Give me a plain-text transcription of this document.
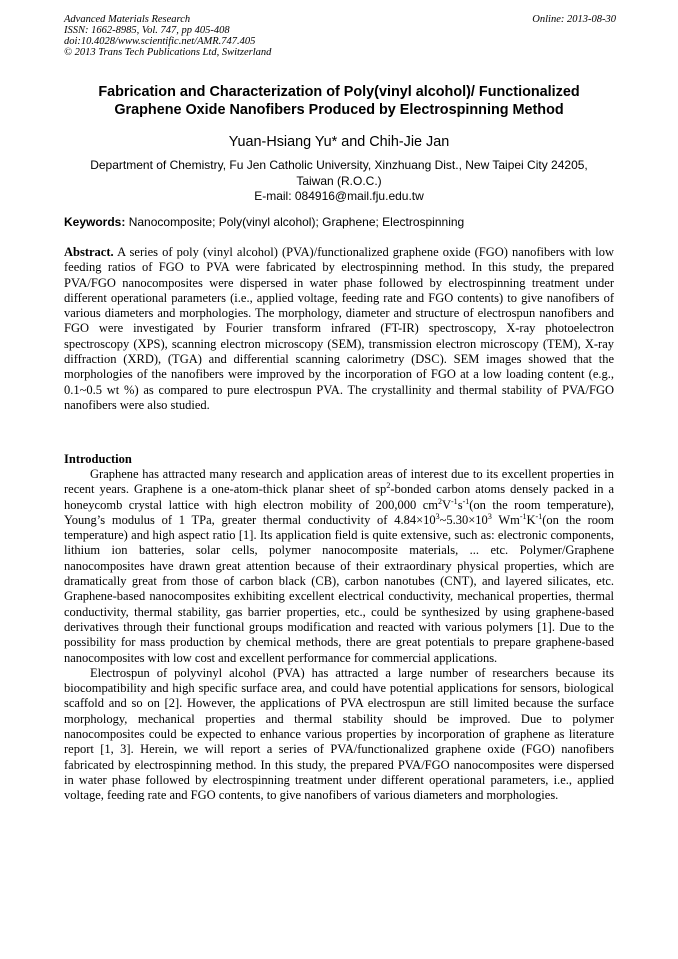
Advanced Materials Research
ISSN: 1662-8985, Vol. 747, pp 405-408
doi:10.4028/www.scientific.net/AMR.747.405
© 2013 Trans Tech Publications Ltd, Switzerland
Online: 2013-08-30
Fabrication and Characterization of Poly(vinyl alcohol)/ Functionalized
Graphene Oxide Nanofibers Produced by Electrospinning Method
Yuan-Hsiang Yu* and Chih-Jie Jan
Department of Chemistry, Fu Jen Catholic University, Xinzhuang Dist., New Taipei City 24205,
Taiwan (R.O.C.)
E-mail: 084916@mail.fju.edu.tw
Keywords: Nanocomposite; Poly(vinyl alcohol); Graphene; Electrospinning
Abstract. A series of poly (vinyl alcohol) (PVA)/functionalized graphene oxide (FGO) nanofibers with low feeding ratios of FGO to PVA were fabricated by electrospinning method. In this study, the prepared PVA/FGO nanocomposites were dispersed in water phase followed by electrospinning treatment under different operational parameters (i.e., applied voltage, feeding rate and FGO contents) to give nanofibers of various diameters and morphologies. The morphology, diameter and structure of electrospun nanofibers and FGO were investigated by Fourier transform infrared (FT-IR) spectroscopy, X-ray photoelectron spectroscopy (XPS), scanning electron microscopy (SEM), transmission electron microscopy (TEM), X-ray diffraction (XRD), (TGA) and differential scanning calorimetry (DSC). SEM images showed that the morphologies of the nanofibers were improved by the incorporation of FGO at a low loading content (e.g., 0.1~0.5 wt %) as compared to pure electrospun PVA. The crystallinity and thermal stability of PVA/FGO nanofibers were also studied.
Introduction

Graphene has attracted many research and application areas of interest due to its excellent properties in recent years. Graphene is a one-atom-thick planar sheet of $sp^2$-bonded carbon atoms densely packed in a honeycomb crystal lattice with high electron mobility of 200,000 $cm^2V^{-1}s^{-1}(on$ the room temperature), Young’s modulus of 1 TPa, greater thermal conductivity of $4.84\times 10^3\sim 5.30\times 10^3$ $Wm^{-1}K^{-1}(on$ the room temperature) and high aspect ratio [1]. Its application field is quite extensive, such as: electronic components, lithium ion batteries, solar cells, polymer nanocomposite materials, ... etc. Polymer/Graphene nanocomposites have drawn great attention because of their extraordinary physical properties, which are dramatically great from those of carbon black (CB), carbon nanotubes (CNT), and layered silicates, etc. Graphene-based nanocomposites exhibiting excellent electrical conductivity, mechanical properties, thermal conductivity, thermal stability, gas barrier properties, etc., could be synthesized by using graphene-based derivatives through their functional groups modification and reacted with various polymers [1]. Due to the possibility for mass production by chemical methods, there are great potentials to prepare graphene-based nanocomposites with low cost and excellent performance for commercial applications.

Electrospun of polyvinyl alcohol (PVA) has attracted a large number of researchers because its biocompatibility and high specific surface area, and could have potential applications for sensors, biological scaffold and so on [2]. However, the applications of PVA electrospun are still limited because the surface morphology, mechanical properties and thermal stability should be improved. Due to polymer nanocomposites could be expected to enhance various properties by incorporation of graphene as literature report [1, 3]. Herein, we will report a series of PVA/functionalized graphene oxide (FGO) nanofibers fabricated by electrospinning method. In this study, the prepared PVA/FGO nanocomposites were dispersed in water phase followed by electrospinning treatment under different operational parameters, i.e., applied voltage, feeding rate and FGO contents, to give nanofibers of various diameters and morphologies.
